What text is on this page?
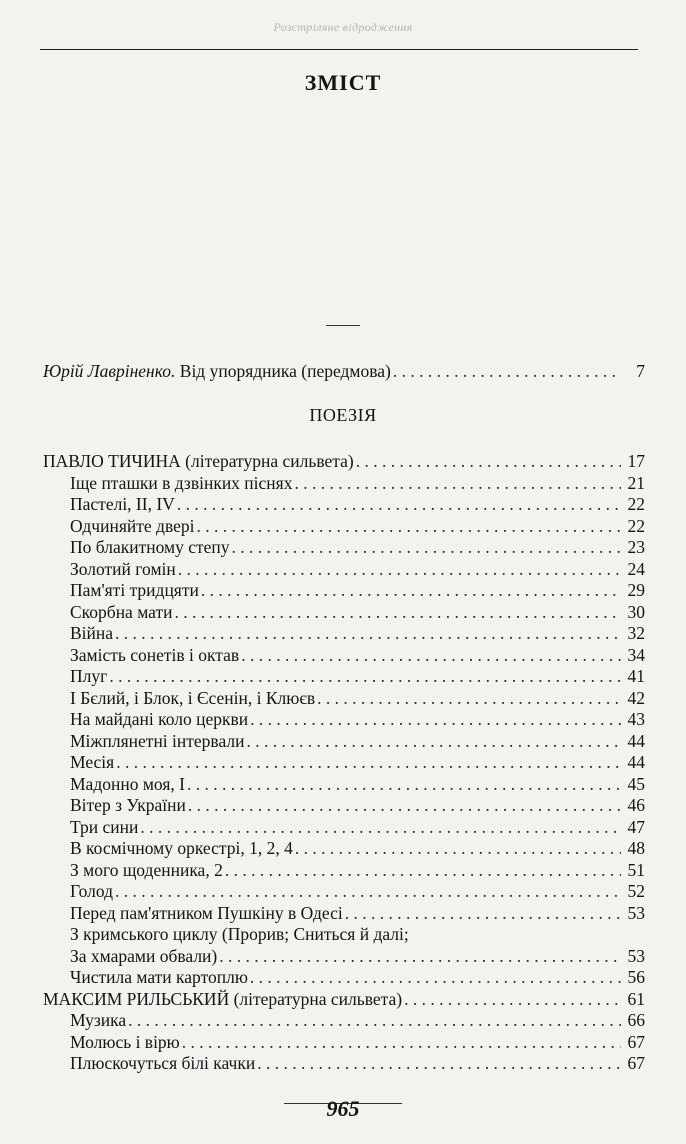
Розстріляне відродження
ЗМІСТ
Юрій Лавріненко. Від упорядника (передмова) . . .	7
ПОЕЗІЯ
ПАВЛО ТИЧИНА (літературна сильвета) . . .	17
Іще пташки в дзвінких піснях . . .	21
Пастелі, ІІ, IV . . .	22
Одчиняйте двері . . .	22
По блакитному степу . . .	23
Золотий гомін . . .	24
Пам'яті тридцяти . . .	29
Скорбна мати . . .	30
Війна . . .	32
Замість сонетів і октав . . .	34
Плуг . . .	41
І Бєлий, і Блок, і Єсенін, і Клюєв . . .	42
На майдані коло церкви . . .	43
Міжплянетні інтервали . . .	44
Месія . . .	44
Мадонно моя, І . . .	45
Вітер з України . . .	46
Три сини . . .	47
В космічному оркестрі, 1, 2, 4 . . .	48
З мого щоденника, 2 . . .	51
Голод . . .	52
Перед пам'ятником Пушкіну в Одесі . . .	53
З кримського циклу (Прорив; Сниться й далі;
За хмарами обвали) . . .	53
Чистила мати картоплю . . .	56
МАКСИМ РИЛЬСЬКИЙ (літературна сильвета) . . .	61
Музика . . .	66
Молюсь і вірю . . .	67
Плюскочуться білі качки . . .	67
965
